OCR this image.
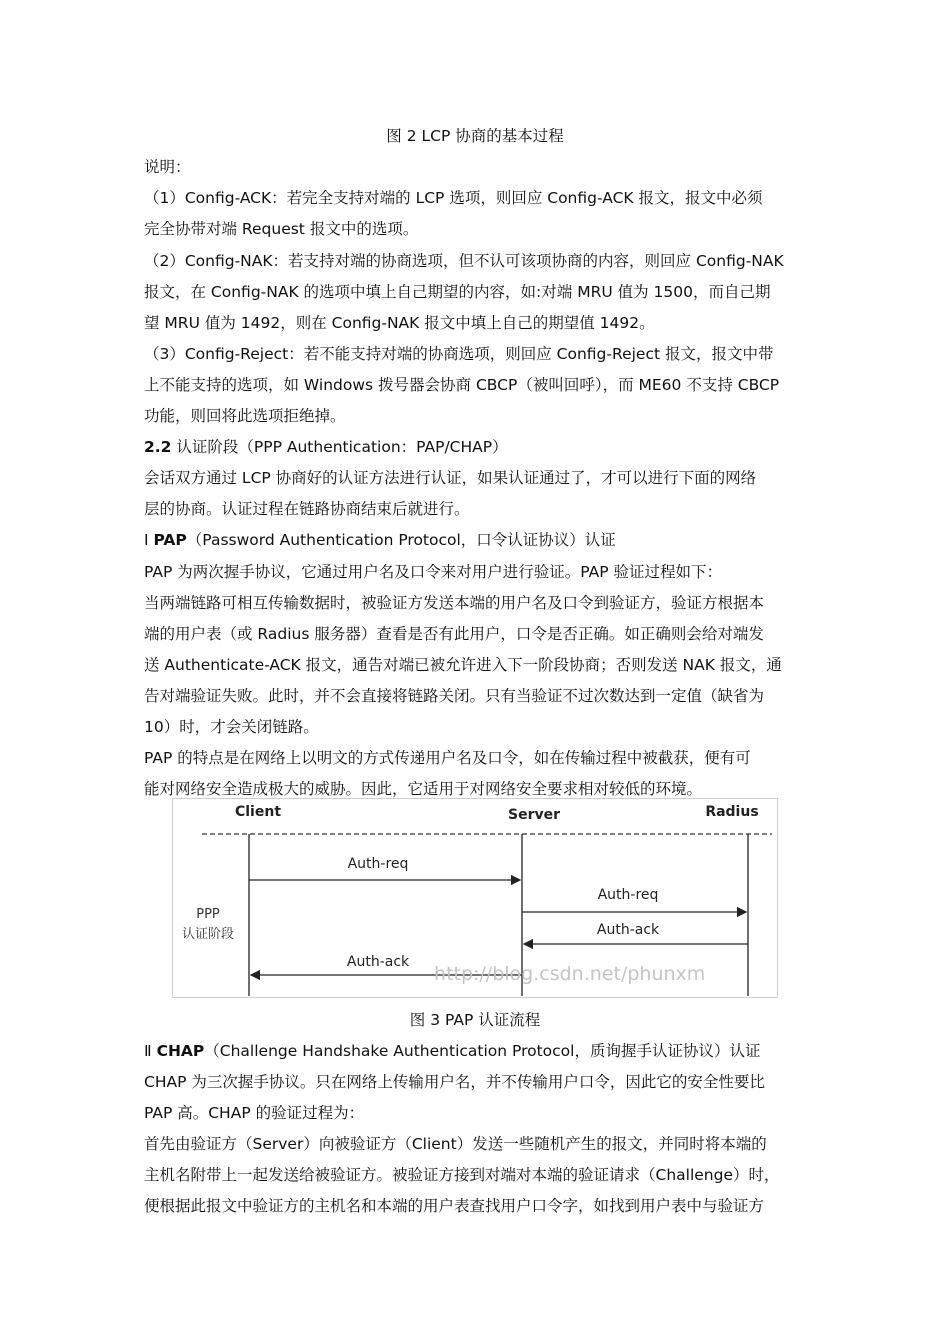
图 2 LCP 协商的基本过程
说明：
（1）Config-ACK：若完全支持对端的 LCP 选项，则回应 Config-ACK 报文，报文中必须
完全协带对端 Request 报文中的选项。
（2）Config-NAK：若支持对端的协商选项，但不认可该项协商的内容，则回应 Config-NAK
报文，在 Config-NAK 的选项中填上自己期望的内容，如:对端 MRU 值为 1500，而自己期
望 MRU 值为 1492，则在 Config-NAK 报文中填上自己的期望值 1492。
（3）Config-Reject：若不能支持对端的协商选项，则回应 Config-Reject 报文，报文中带
上不能支持的选项，如 Windows 拨号器会协商 CBCP（被叫回呼），而 ME60 不支持 CBCP
功能，则回将此选项拒绝掉。
2.2 认证阶段（PPP Authentication：PAP/CHAP）
会话双方通过 LCP 协商好的认证方法进行认证，如果认证通过了，才可以进行下面的网络
层的协商。认证过程在链路协商结束后就进行。
Ⅰ PAP（Password Authentication Protocol，口令认证协议）认证
PAP 为两次握手协议，它通过用户名及口令来对用户进行验证。PAP 验证过程如下：
当两端链路可相互传输数据时，被验证方发送本端的用户名及口令到验证方，验证方根据本
端的用户表（或 Radius 服务器）查看是否有此用户，口令是否正确。如正确则会给对端发
送 Authenticate-ACK 报文，通告对端已被允许进入下一阶段协商；否则发送 NAK 报文，通
告对端验证失败。此时，并不会直接将链路关闭。只有当验证不过次数达到一定值（缺省为
10）时，才会关闭链路。
PAP 的特点是在网络上以明文的方式传递用户名及口令，如在传输过程中被截获，便有可
能对网络安全造成极大的威胁。因此，它适用于对网络安全要求相对较低的环境。
Client	Server	Radius
PPP
认证阶段
Auth-req
Auth-req
Auth-ack
Auth-ack
http://blog.csdn.net/phunxm
图 3 PAP 认证流程
Ⅱ CHAP（Challenge Handshake Authentication Protocol，质询握手认证协议）认证
CHAP 为三次握手协议。只在网络上传输用户名，并不传输用户口令，因此它的安全性要比
PAP 高。CHAP 的验证过程为：
首先由验证方（Server）向被验证方（Client）发送一些随机产生的报文，并同时将本端的
主机名附带上一起发送给被验证方。被验证方接到对端对本端的验证请求（Challenge）时，
便根据此报文中验证方的主机名和本端的用户表查找用户口令字，如找到用户表中与验证方
